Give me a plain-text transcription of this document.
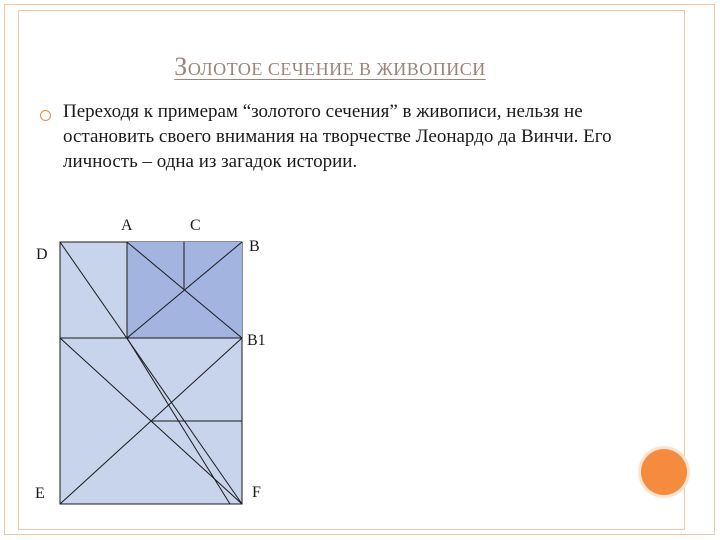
ЗОЛОТОЕ СЕЧЕНИЕ В ЖИВОПИСИ

Переходя к примерам “золотого сечения” в живописи, нельзя не остановить своего внимания на творчестве Леонардо да Винчи. Его личность – одна из загадок истории.

A	C
D	B
B1
E	F
